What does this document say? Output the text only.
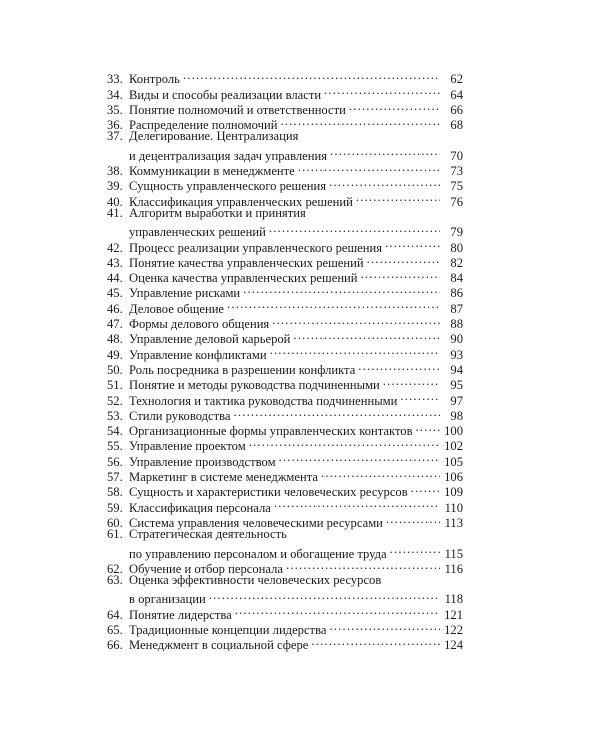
33. Контроль .....	62
34. Виды и способы реализации власти .....	64
35. Понятие полномочий и ответственности .....	66
36. Распределение полномочий .....	68
37. Делегирование. Централизация
и децентрализация задач управления .....	70
38. Коммуникации в менеджменте .....	73
39. Сущность управленческого решения .....	75
40. Классификация управленческих решений .....	76
41. Алгоритм выработки и принятия
управленческих решений .....	79
42. Процесс реализации управленческого решения .....	80
43. Понятие качества управленческих решений .....	82
44. Оценка качества управленческих решений .....	84
45. Управление рисками .....	86
46. Деловое общение .....	87
47. Формы делового общения .....	88
48. Управление деловой карьерой .....	90
49. Управление конфликтами .....	93
50. Роль посредника в разрешении конфликта .....	94
51. Понятие и методы руководства подчиненными .....	95
52. Технология и тактика руководства подчиненными .....	97
53. Стили руководства .....	98
54. Организационные формы управленческих контактов .....	100
55. Управление проектом .....	102
56. Управление производством .....	105
57. Маркетинг в системе менеджмента .....	106
58. Сущность и характеристики человеческих ресурсов .....	109
59. Классификация персонала .....	110
60. Система управления человеческими ресурсами .....	113
61. Стратегическая деятельность
по управлению персоналом и обогащение труда .....	115
62. Обучение и отбор персонала .....	116
63. Оценка эффективности человеческих ресурсов
в организации .....	118
64. Понятие лидерства .....	121
65. Традиционные концепции лидерства .....	122
66. Менеджмент в социальной сфере .....	124
